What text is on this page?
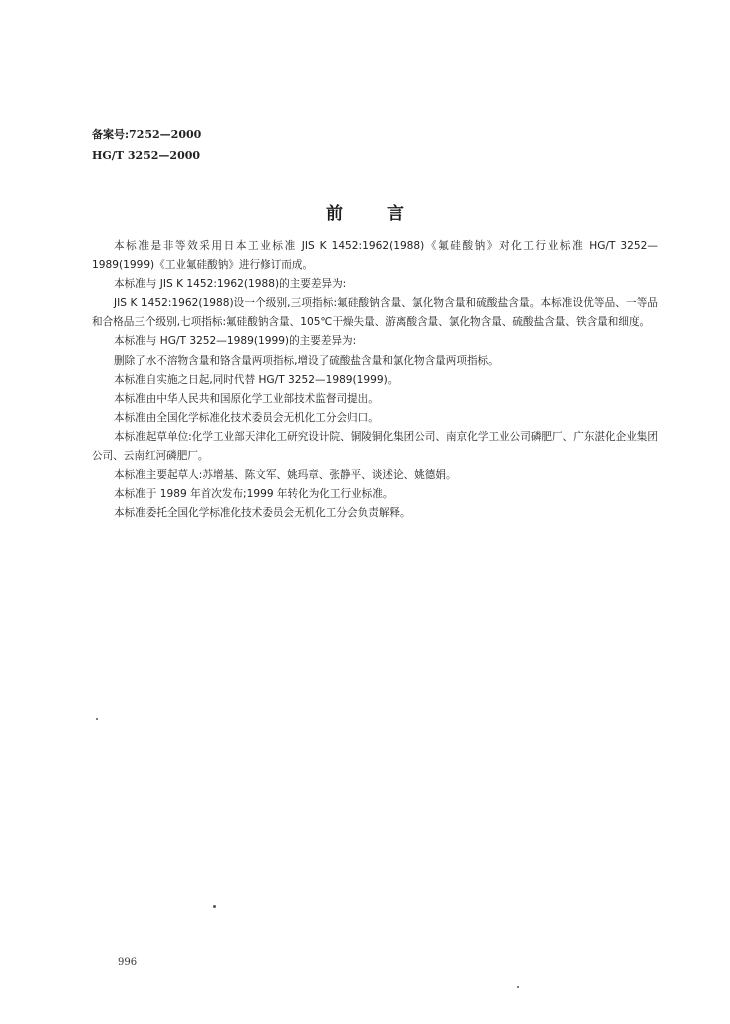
备案号:7252—2000
HG/T 3252—2000
前言

本标准是非等效采用日本工业标准 JIS K 1452:1962(1988)《氟硅酸钠》对化工行业标准 HG/T 3252—1989(1999)《工业氟硅酸钠》进行修订而成。

本标准与 JIS K 1452:1962(1988)的主要差异为:

JIS K 1452:1962(1988)设一个级别,三项指标:氟硅酸钠含量、氯化物含量和硫酸盐含量。本标准设优等品、一等品和合格品三个级别,七项指标:氟硅酸钠含量、105℃干燥失量、游离酸含量、氯化物含量、硫酸盐含量、铁含量和细度。

本标准与 HG/T 3252—1989(1999)的主要差异为:

删除了水不溶物含量和铬含量两项指标,增设了硫酸盐含量和氯化物含量两项指标。

本标准自实施之日起,同时代替 HG/T 3252—1989(1999)。

本标准由中华人民共和国原化学工业部技术监督司提出。

本标准由全国化学标准化技术委员会无机化工分会归口。

本标准起草单位:化学工业部天津化工研究设计院、铜陵铜化集团公司、南京化学工业公司磷肥厂、广东湛化企业集团公司、云南红河磷肥厂。

本标准主要起草人:苏增基、陈文军、姚玛章、张静平、谈述论、姚德娟。

本标准于 1989 年首次发布;1999 年转化为化工行业标准。

本标准委托全国化学标准化技术委员会无机化工分会负责解释。

996
